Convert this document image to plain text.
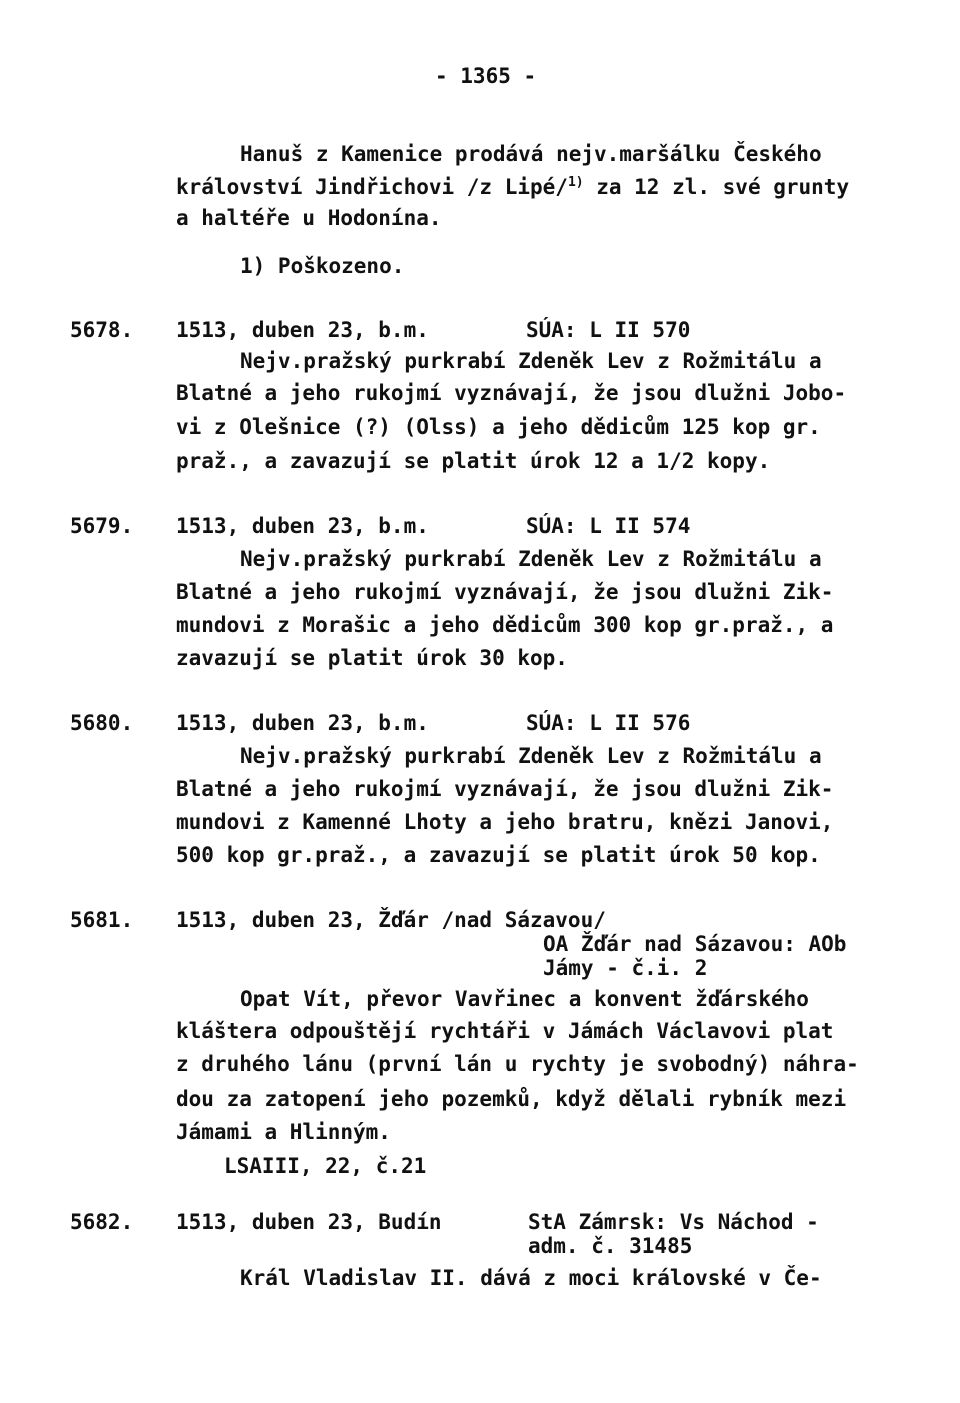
- 1365 -
Hanuš z Kamenice prodává nejv.maršálku Českého
království Jindřichovi /z Lipé/$^{1)}$ za 12 zl. své grunty
a haltéře u Hodonína.
1) Poškozeno.
5678. 1513, duben 23, b.m.	SÚA: L II 570
Nejv.pražský purkrabí Zdeněk Lev z Rožmitálu a
Blatné a jeho rukojmí vyznávají, že jsou dlužni Jobo-
vi z Olešnice (?) (Olss) a jeho dědicům 125 kop gr.
praž., a zavazují se platit úrok 12 a 1/2 kopy.
5679. 1513, duben 23, b.m.	SÚA: L II 574
Nejv.pražský purkrabí Zdeněk Lev z Rožmitálu a
Blatné a jeho rukojmí vyznávají, že jsou dlužni Zik-
mundovi z Morašic a jeho dědicům 300 kop gr.praž., a
zavazují se platit úrok 30 kop.
5680. 1513, duben 23, b.m.	SÚA: L II 576
Nejv.pražský purkrabí Zdeněk Lev z Rožmitálu a
Blatné a jeho rukojmí vyznávají, že jsou dlužni Zik-
mundovi z Kamenné Lhoty a jeho bratru, knězi Janovi,
500 kop gr.praž., a zavazují se platit úrok 50 kop.
5681. 1513, duben 23, Žďár /nad Sázavou/
OA Žďár nad Sázavou: AOb
Jámy - č.i. 2
Opat Vít, převor Vavřinec a konvent žďárského
kláštera odpouštějí rychtáři v Jámách Václavovi plat
z druhého lánu (první lán u rychty je svobodný) náhra-
dou za zatopení jeho pozemků, když dělali rybník mezi
Jámami a Hlinným.
LSAIII, 22, č.21
5682. 1513, duben 23, Budín	StA Zámrsk: Vs Náchod -
adm. č. 31485
Král Vladislav II. dává z moci královské v Če-
